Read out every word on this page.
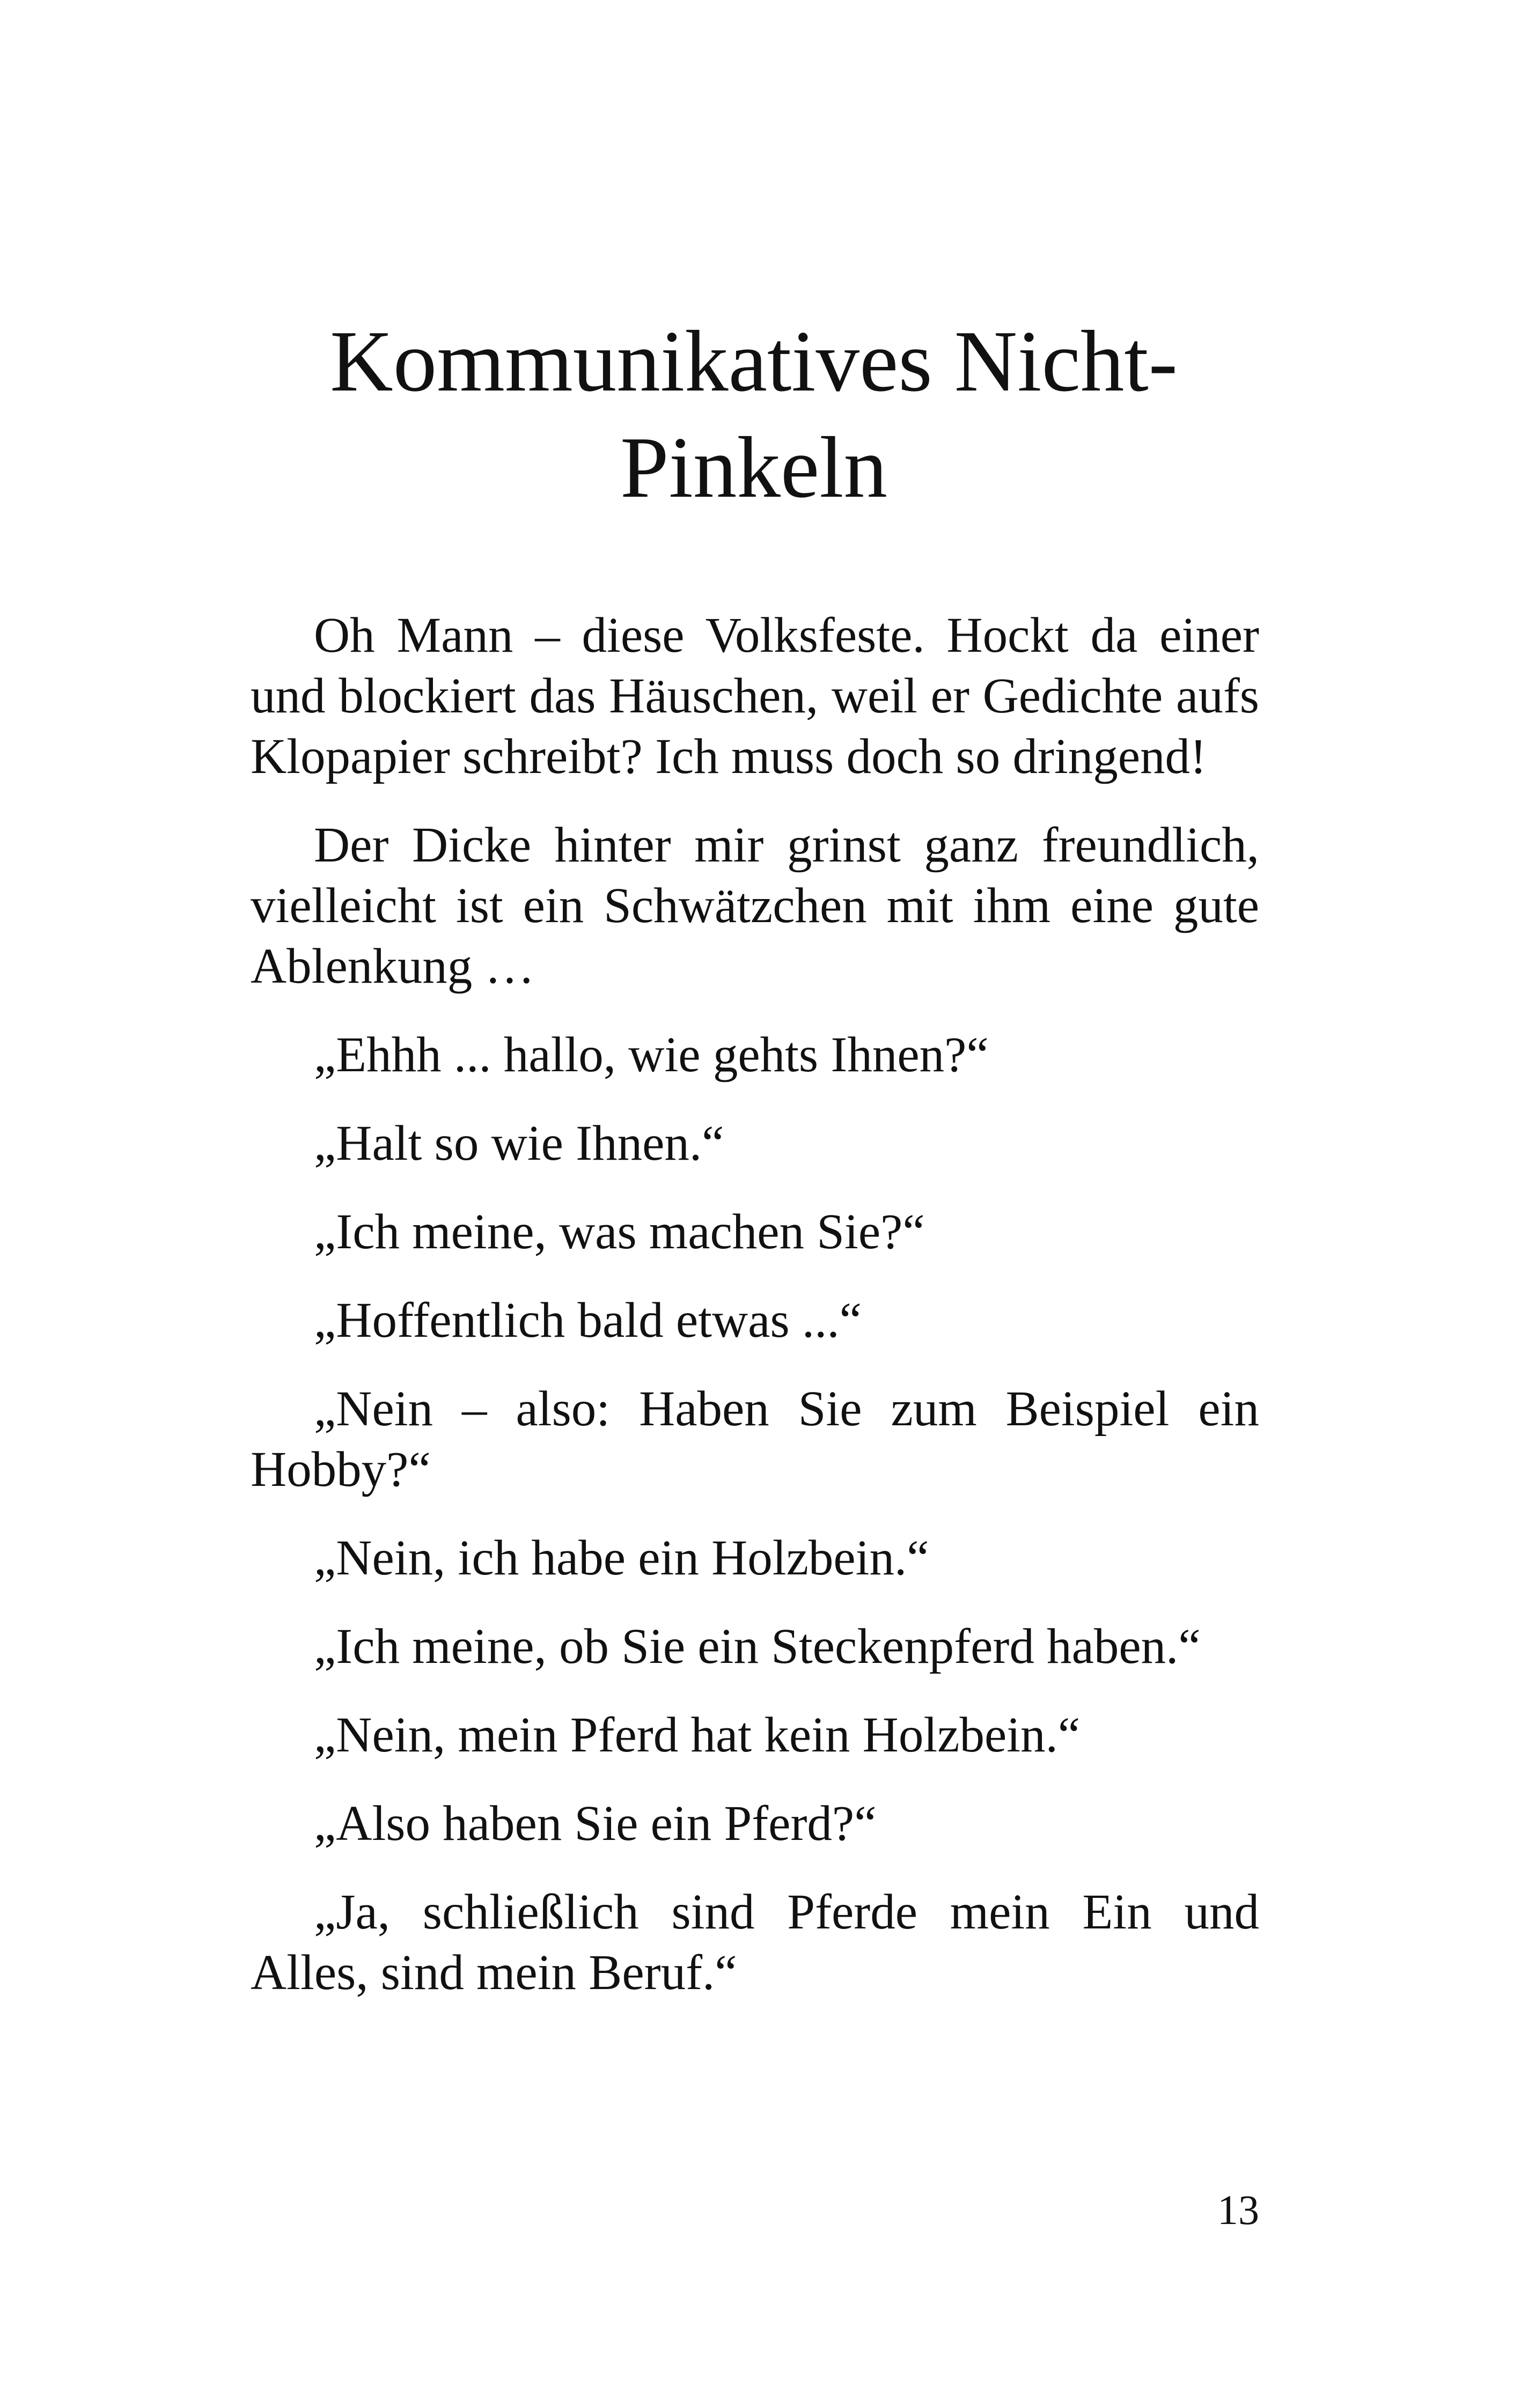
Kommunikatives Nicht-
Pinkeln

Oh Mann – diese Volksfeste. Hockt da einer und blockiert das Häuschen, weil er Gedichte aufs Klopapier schreibt? Ich muss doch so dringend!

Der Dicke hinter mir grinst ganz freundlich, vielleicht ist ein Schwätzchen mit ihm eine gute Ablenkung …

„Ehhh ... hallo, wie gehts Ihnen?“

„Halt so wie Ihnen.“

„Ich meine, was machen Sie?“

„Hoffentlich bald etwas ...“

„Nein – also: Haben Sie zum Beispiel ein Hobby?“

„Nein, ich habe ein Holzbein.“

„Ich meine, ob Sie ein Steckenpferd haben.“

„Nein, mein Pferd hat kein Holzbein.“

„Also haben Sie ein Pferd?“

„Ja, schließlich sind Pferde mein Ein und Alles, sind mein Beruf.“

13
